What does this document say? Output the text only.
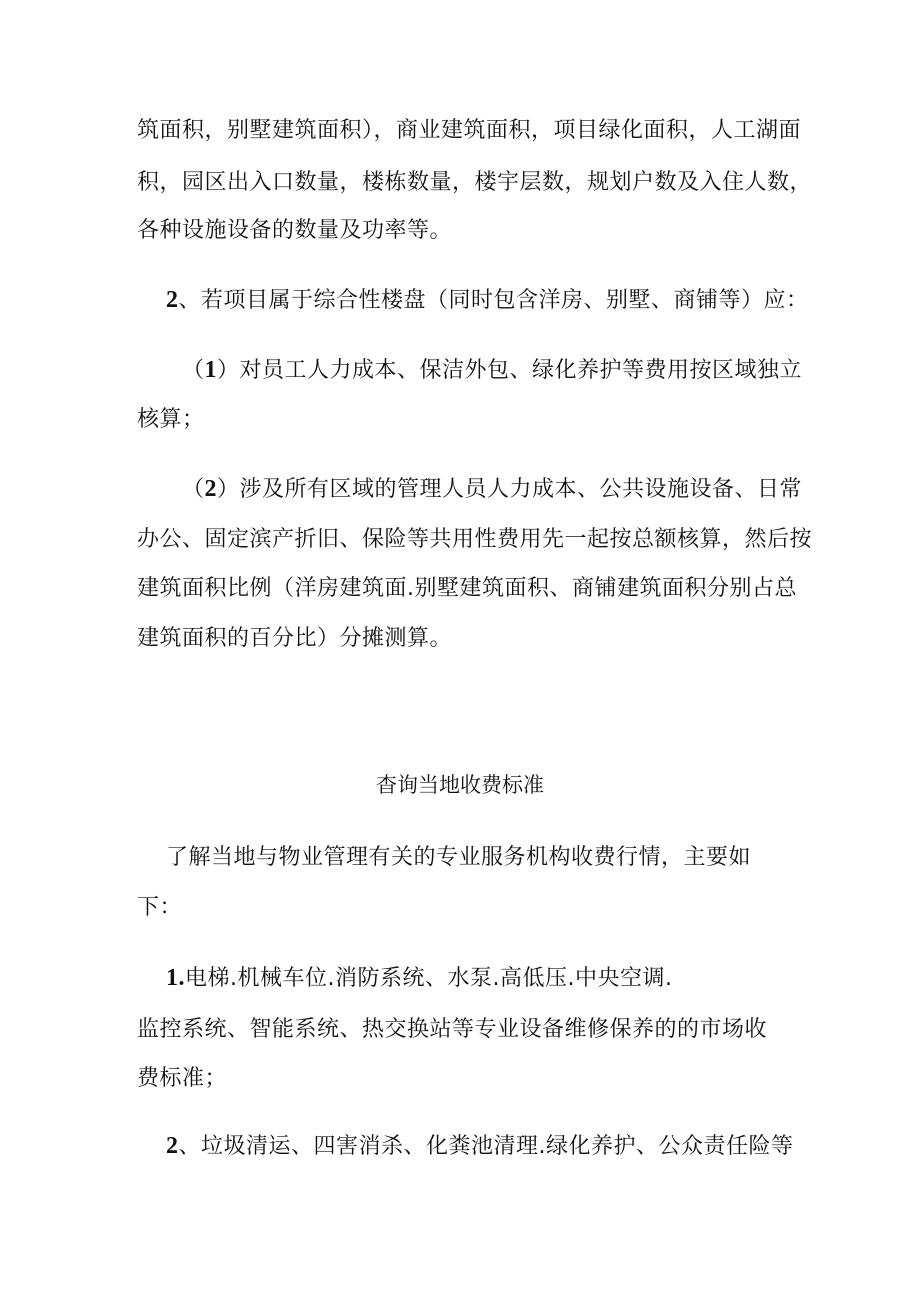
筑面积，别墅建筑面积），商业建筑面积，项目绿化面积，人工湖面
积，园区出入口数量，楼栋数量，楼宇层数，规划户数及入住人数，
各种设施设备的数量及功率等。
2、若项目属于综合性楼盘（同时包含洋房、别墅、商铺等）应：
（1）对员工人力成本、保洁外包、绿化养护等费用按区域独立
核算；
（2）涉及所有区域的管理人员人力成本、公共设施设备、日常
办公、固定滨产折旧、保险等共用性费用先一起按总额核算，然后按
建筑面积比例（洋房建筑面.别墅建筑面积、商铺建筑面积分别占总
建筑面积的百分比）分摊测算。
杳询当地收费标准
了解当地与物业管理有关的专业服务机构收费行情，主要如
下：
1.电梯.机械车位.消防系统、水泵.高低压.中央空调.
监控系统、智能系统、热交换站等专业设备维修保养的的市场收
费标准；
2、垃圾清运、四害消杀、化粪池清理.绿化养护、公众责任险等
